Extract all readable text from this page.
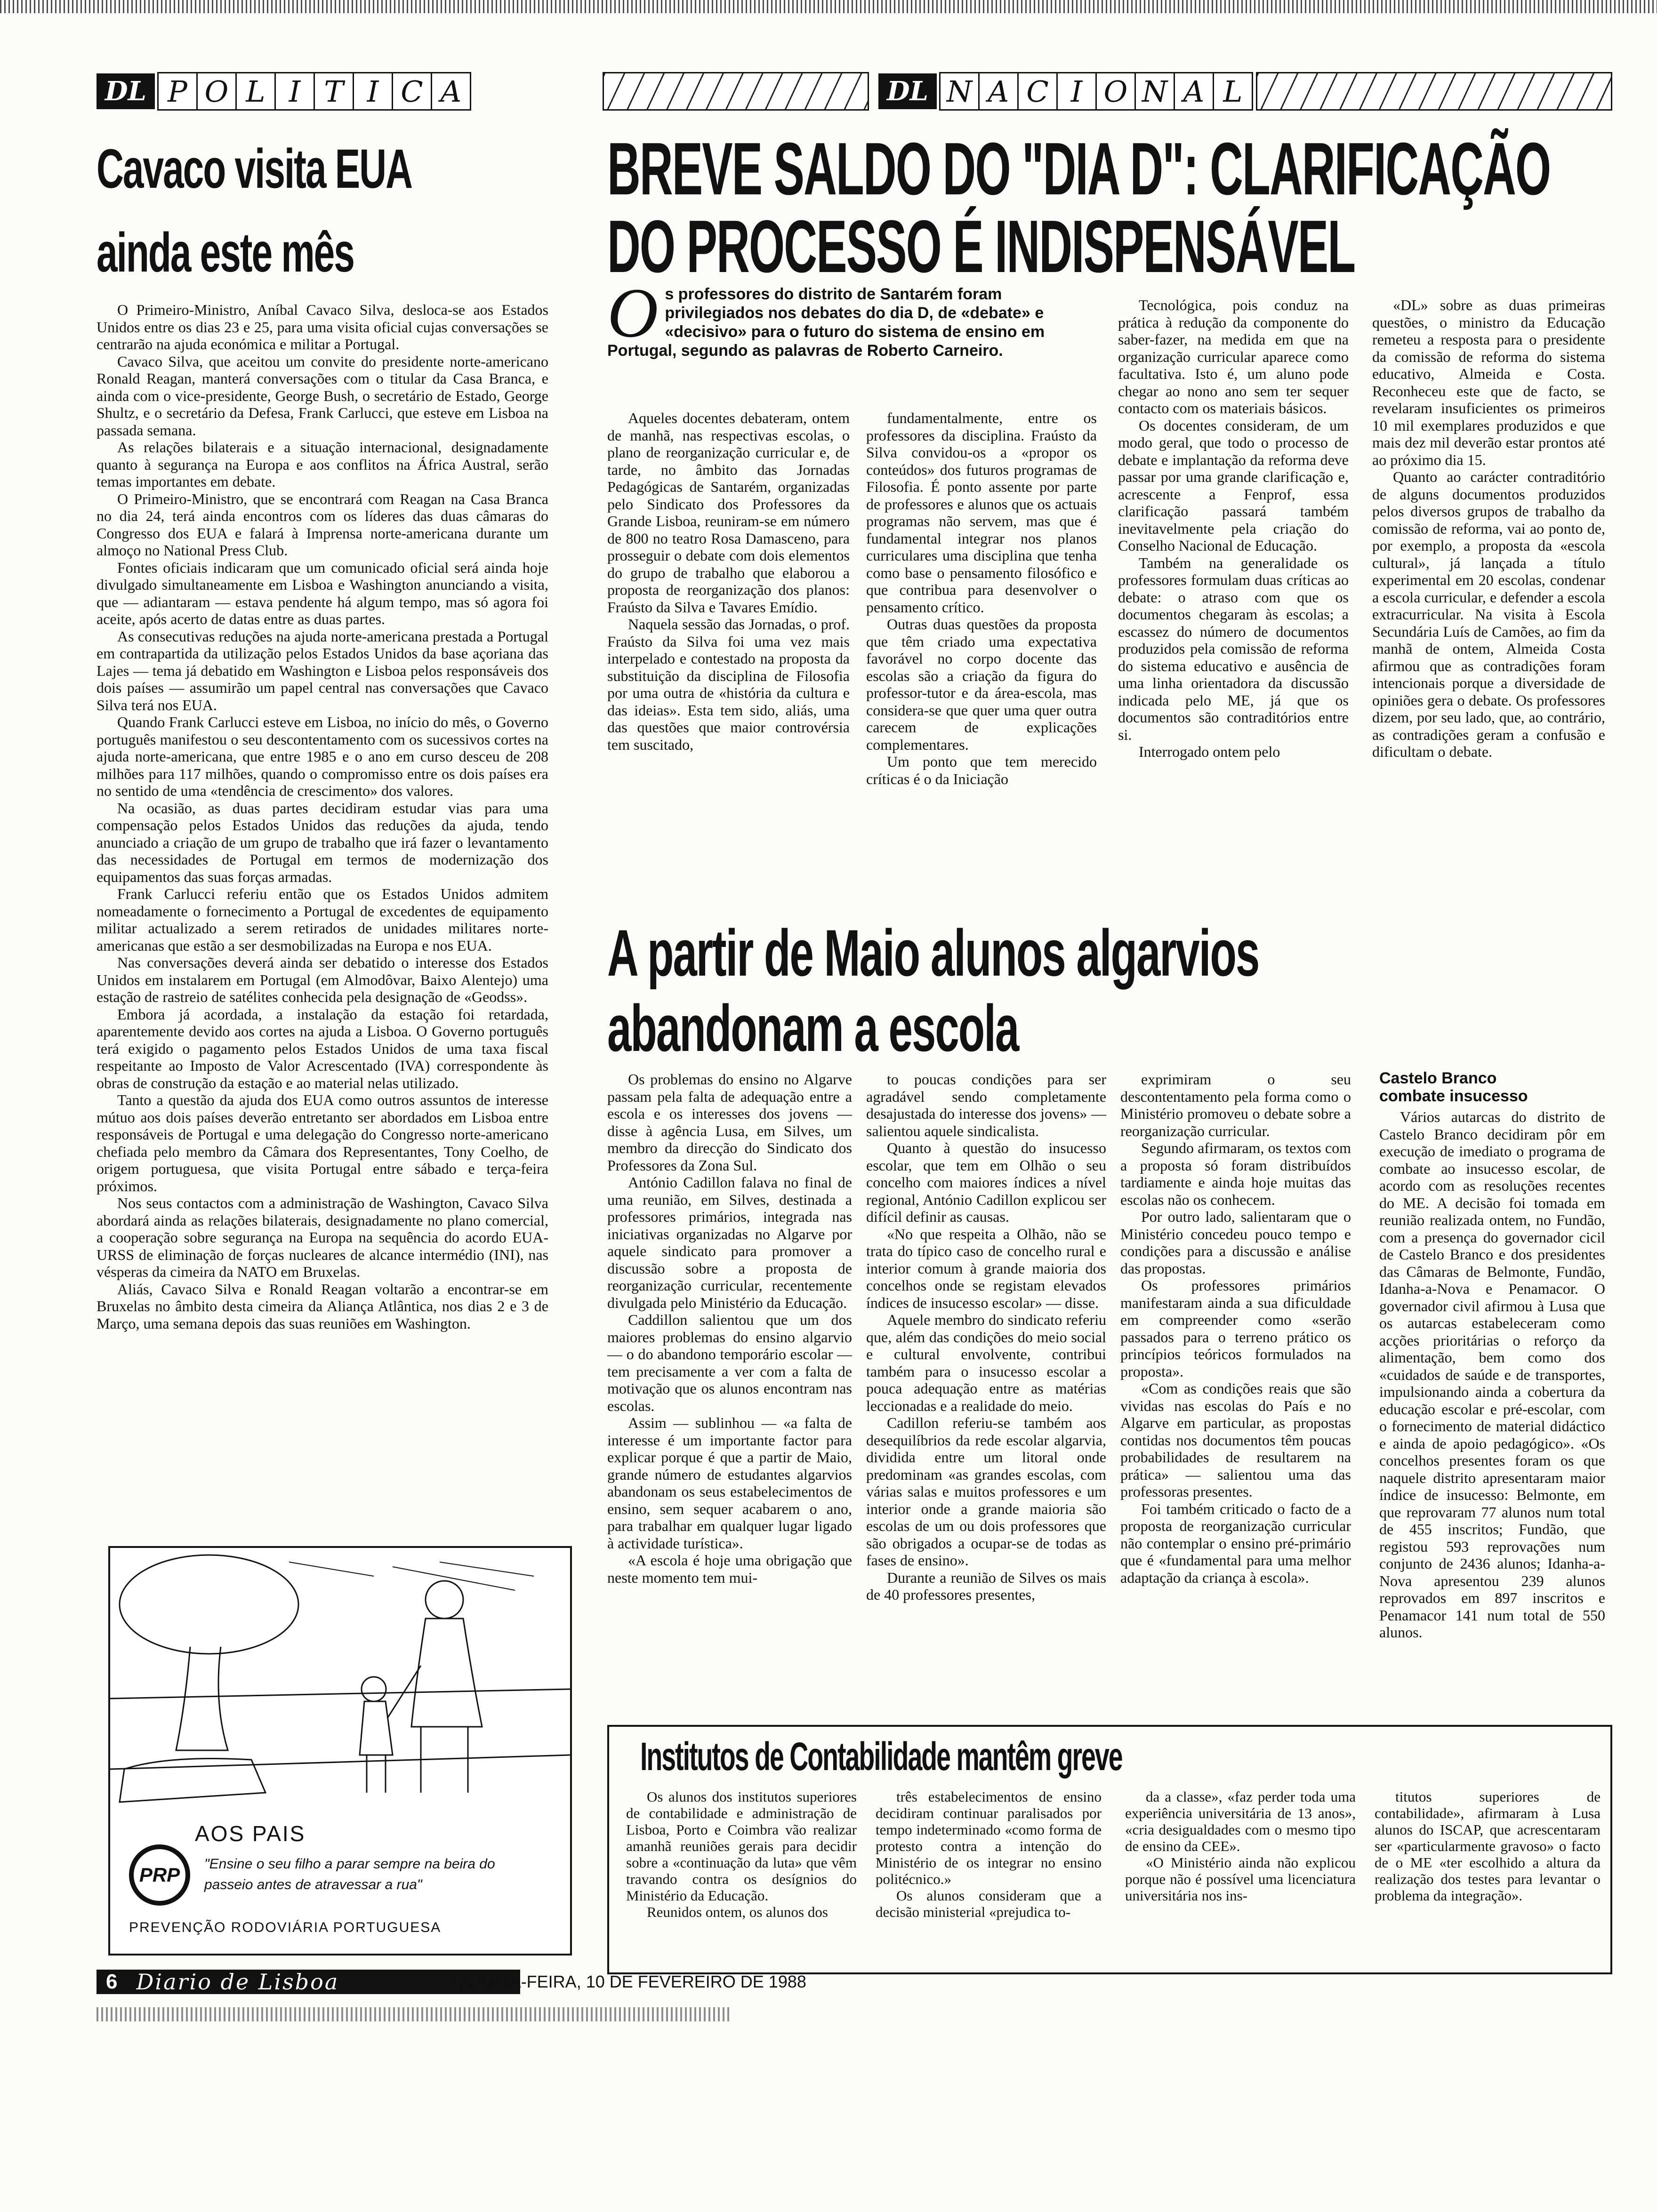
DL P O L I T I C A
Cavaco visita EUA
ainda este mês

O Primeiro-Ministro, Aníbal Cavaco Silva, desloca-se aos Estados Unidos entre os dias 23 e 25, para uma visita oficial cujas conversações se centrarão na ajuda económica e militar a Portugal.

Cavaco Silva, que aceitou um convite do presidente norte-americano Ronald Reagan, manterá conversações com o titular da Casa Branca, e ainda com o vice-presidente, George Bush, o secretário de Estado, George Shultz, e o secretário da Defesa, Frank Carlucci, que esteve em Lisboa na passada semana.

As relações bilaterais e a situação internacional, designadamente quanto à segurança na Europa e aos conflitos na África Austral, serão temas importantes em debate.

O Primeiro-Ministro, que se encontrará com Reagan na Casa Branca no dia 24, terá ainda encontros com os líderes das duas câmaras do Congresso dos EUA e falará à Imprensa norte-americana durante um almoço no National Press Club.

Fontes oficiais indicaram que um comunicado oficial será ainda hoje divulgado simultaneamente em Lisboa e Washington anunciando a visita, que — adiantaram — estava pendente há algum tempo, mas só agora foi aceite, após acerto de datas entre as duas partes.

As consecutivas reduções na ajuda norte-americana prestada a Portugal em contrapartida da utilização pelos Estados Unidos da base açoriana das Lajes — tema já debatido em Washington e Lisboa pelos responsáveis dos dois países — assumirão um papel central nas conversações que Cavaco Silva terá nos EUA.

Quando Frank Carlucci esteve em Lisboa, no início do mês, o Governo português manifestou o seu descontentamento com os sucessivos cortes na ajuda norte-americana, que entre 1985 e o ano em curso desceu de 208 milhões para 117 milhões, quando o compromisso entre os dois países era no sentido de uma «tendência de crescimento» dos valores.

Na ocasião, as duas partes decidiram estudar vias para uma compensação pelos Estados Unidos das reduções da ajuda, tendo anunciado a criação de um grupo de trabalho que irá fazer o levantamento das necessidades de Portugal em termos de modernização dos equipamentos das suas forças armadas.

Frank Carlucci referiu então que os Estados Unidos admitem nomeadamente o fornecimento a Portugal de excedentes de equipamento militar actualizado a serem retirados de unidades militares norte-americanas que estão a ser desmobilizadas na Europa e nos EUA.

Nas conversações deverá ainda ser debatido o interesse dos Estados Unidos em instalarem em Portugal (em Almodôvar, Baixo Alentejo) uma estação de rastreio de satélites conhecida pela designação de «Geodss».

Embora já acordada, a instalação da estação foi retardada, aparentemente devido aos cortes na ajuda a Lisboa. O Governo português terá exigido o pagamento pelos Estados Unidos de uma taxa fiscal respeitante ao Imposto de Valor Acrescentado (IVA) correspondente às obras de construção da estação e ao material nelas utilizado.

Tanto a questão da ajuda dos EUA como outros assuntos de interesse mútuo aos dois países deverão entretanto ser abordados em Lisboa entre responsáveis de Portugal e uma delegação do Congresso norte-americano chefiada pelo membro da Câmara dos Representantes, Tony Coelho, de origem portuguesa, que visita Portugal entre sábado e terça-feira próximos.

Nos seus contactos com a administração de Washington, Cavaco Silva abordará ainda as relações bilaterais, designadamente no plano comercial, a cooperação sobre segurança na Europa na sequência do acordo EUA-URSS de eliminação de forças nucleares de alcance intermédio (INI), nas vésperas da cimeira da NATO em Bruxelas.

Aliás, Cavaco Silva e Ronald Reagan voltarão a encontrar-se em Bruxelas no âmbito desta cimeira da Aliança Atlântica, nos dias 2 e 3 de Março, uma semana depois das suas reuniões em Washington.

AOS PAIS
PRP "Ensine o seu filho a parar sempre na beira do passeio antes de atravessar a rua"
PREVENÇÃO RODOVIÁRIA PORTUGUESA
DL N A C I O N A L
BREVE SALDO DO "DIA D": CLARIFICAÇÃO
DO PROCESSO É INDISPENSÁVEL
O s professores do distrito de Santarém foram privilegiados nos debates do dia D, de «debate» e «decisivo» para o futuro do sistema de ensino em Portugal, segundo as palavras de Roberto Carneiro.

Aqueles docentes debateram, ontem de manhã, nas respectivas escolas, o plano de reorganização curricular e, de tarde, no âmbito das Jornadas Pedagógicas de Santarém, organizadas pelo Sindicato dos Professores da Grande Lisboa, reuniram-se em número de 800 no teatro Rosa Damasceno, para prosseguir o debate com dois elementos do grupo de trabalho que elaborou a proposta de reorganização dos planos: Fraústo da Silva e Tavares Emídio.

Naquela sessão das Jornadas, o prof. Fraústo da Silva foi uma vez mais interpelado e contestado na proposta da substituição da disciplina de Filosofia por uma outra de «história da cultura e das ideias». Esta tem sido, aliás, uma das questões que maior controvérsia tem suscitado,

fundamentalmente, entre os professores da disciplina. Fraústo da Silva convidou-os a «propor os conteúdos» dos futuros programas de Filosofia. É ponto assente por parte de professores e alunos que os actuais programas não servem, mas que é fundamental integrar nos planos curriculares uma disciplina que tenha como base o pensamento filosófico e que contribua para desenvolver o pensamento crítico.

Outras duas questões da proposta que têm criado uma expectativa favorável no corpo docente das escolas são a criação da figura do professor-tutor e da área-escola, mas considera-se que quer uma quer outra carecem de explicações complementares.

Um ponto que tem merecido críticas é o da Iniciação

Tecnológica, pois conduz na prática à redução da componente do saber-fazer, na medida em que na organização curricular aparece como facultativa. Isto é, um aluno pode chegar ao nono ano sem ter sequer contacto com os materiais básicos.

Os docentes consideram, de um modo geral, que todo o processo de debate e implantação da reforma deve passar por uma grande clarificação e, acrescente a Fenprof, essa clarificação passará também inevitavelmente pela criação do Conselho Nacional de Educação.

Também na generalidade os professores formulam duas críticas ao debate: o atraso com que os documentos chegaram às escolas; a escassez do número de documentos produzidos pela comissão de reforma do sistema educativo e ausência de uma linha orientadora da discussão indicada pelo ME, já que os documentos são contraditórios entre si.

Interrogado ontem pelo

«DL» sobre as duas primeiras questões, o ministro da Educação remeteu a resposta para o presidente da comissão de reforma do sistema educativo, Almeida e Costa. Reconheceu este que de facto, se revelaram insuficientes os primeiros 10 mil exemplares produzidos e que mais dez mil deverão estar prontos até ao próximo dia 15.

Quanto ao carácter contraditório de alguns documentos produzidos pelos diversos grupos de trabalho da comissão de reforma, vai ao ponto de, por exemplo, a proposta da «escola cultural», já lançada a título experimental em 20 escolas, condenar a escola curricular, e defender a escola extracurricular. Na visita à Escola Secundária Luís de Camões, ao fim da manhã de ontem, Almeida Costa afirmou que as contradições foram intencionais porque a diversidade de opiniões gera o debate. Os professores dizem, por seu lado, que, ao contrário, as contradições geram a confusão e dificultam o debate.

A partir de Maio alunos algarvios
abandonam a escola

Os problemas do ensino no Algarve passam pela falta de adequação entre a escola e os interesses dos jovens — disse à agência Lusa, em Silves, um membro da direcção do Sindicato dos Professores da Zona Sul.

António Cadillon falava no final de uma reunião, em Silves, destinada a professores primários, integrada nas iniciativas organizadas no Algarve por aquele sindicato para promover a discussão sobre a proposta de reorganização curricular, recentemente divulgada pelo Ministério da Educação.

Caddillon salientou que um dos maiores problemas do ensino algarvio — o do abandono temporário escolar — tem precisamente a ver com a falta de motivação que os alunos encontram nas escolas.

Assim — sublinhou — «a falta de interesse é um importante factor para explicar porque é que a partir de Maio, grande número de estudantes algarvios abandonam os seus estabelecimentos de ensino, sem sequer acabarem o ano, para trabalhar em qualquer lugar ligado à actividade turística».

«A escola é hoje uma obrigação que neste momento tem mui-

to poucas condições para ser agradável sendo completamente desajustada do interesse dos jovens» — salientou aquele sindicalista.

Quanto à questão do insucesso escolar, que tem em Olhão o seu concelho com maiores índices a nível regional, António Cadillon explicou ser difícil definir as causas.

«No que respeita a Olhão, não se trata do típico caso de concelho rural e interior comum à grande maioria dos concelhos onde se registam elevados índices de insucesso escolar» — disse.

Aquele membro do sindicato referiu que, além das condições do meio social e cultural envolvente, contribui também para o insucesso escolar a pouca adequação entre as matérias leccionadas e a realidade do meio.

Cadillon referiu-se também aos desequilíbrios da rede escolar algarvia, dividida entre um litoral onde predominam «as grandes escolas, com várias salas e muitos professores e um interior onde a grande maioria são escolas de um ou dois professores que são obrigados a ocupar-se de todas as fases de ensino».

Durante a reunião de Silves os mais de 40 professores presentes,

exprimiram o seu descontentamento pela forma como o Ministério promoveu o debate sobre a reorganização curricular.

Segundo afirmaram, os textos com a proposta só foram distribuídos tardiamente e ainda hoje muitas das escolas não os conhecem.

Por outro lado, salientaram que o Ministério concedeu pouco tempo e condições para a discussão e análise das propostas.

Os professores primários manifestaram ainda a sua dificuldade em compreender como «serão passados para o terreno prático os princípios teóricos formulados na proposta».

«Com as condições reais que são vividas nas escolas do País e no Algarve em particular, as propostas contidas nos documentos têm poucas probabilidades de resultarem na prática» — salientou uma das professoras presentes.

Foi também criticado o facto de a proposta de reorganização curricular não contemplar o ensino pré-primário que é «fundamental para uma melhor adaptação da criança à escola».

Castelo Branco
combate insucesso

Vários autarcas do distrito de Castelo Branco decidiram pôr em execução de imediato o programa de combate ao insucesso escolar, de acordo com as resoluções recentes do ME. A decisão foi tomada em reunião realizada ontem, no Fundão, com a presença do governador cicil de Castelo Branco e dos presidentes das Câmaras de Belmonte, Fundão, Idanha-a-Nova e Penamacor. O governador civil afirmou à Lusa que os autarcas estabeleceram como acções prioritárias o reforço da alimentação, bem como dos «cuidados de saúde e de transportes, impulsionando ainda a cobertura da educação escolar e pré-escolar, com o fornecimento de material didáctico e ainda de apoio pedagógico». «Os concelhos presentes foram os que naquele distrito apresentaram maior índice de insucesso: Belmonte, em que reprovaram 77 alunos num total de 455 inscritos; Fundão, que registou 593 reprovações num conjunto de 2436 alunos; Idanha-a-Nova apresentou 239 alunos reprovados em 897 inscritos e Penamacor 141 num total de 550 alunos.

Institutos de Contabilidade mantêm greve

Os alunos dos institutos superiores de contabilidade e administração de Lisboa, Porto e Coimbra vão realizar amanhã reuniões gerais para decidir sobre a «continuação da luta» que vêm travando contra os desígnios do Ministério da Educação.

Reunidos ontem, os alunos dos

três estabelecimentos de ensino decidiram continuar paralisados por tempo indeterminado «como forma de protesto contra a intenção do Ministério de os integrar no ensino politécnico.»

Os alunos consideram que a decisão ministerial «prejudica to-

da a classe», «faz perder toda uma experiência universitária de 13 anos», «cria desigualdades com o mesmo tipo de ensino da CEE».

«O Ministério ainda não explicou porque não é possível uma licenciatura universitária nos ins-

titutos superiores de contabilidade», afirmaram à Lusa alunos do ISCAP, que acrescentaram ser «particularmente gravoso» o facto de o ME «ter escolhido a altura da realização dos testes para levantar o problema da integração».

6 Diario de Lisboa	QUARTA-FEIRA, 10 DE FEVEREIRO DE 1988
